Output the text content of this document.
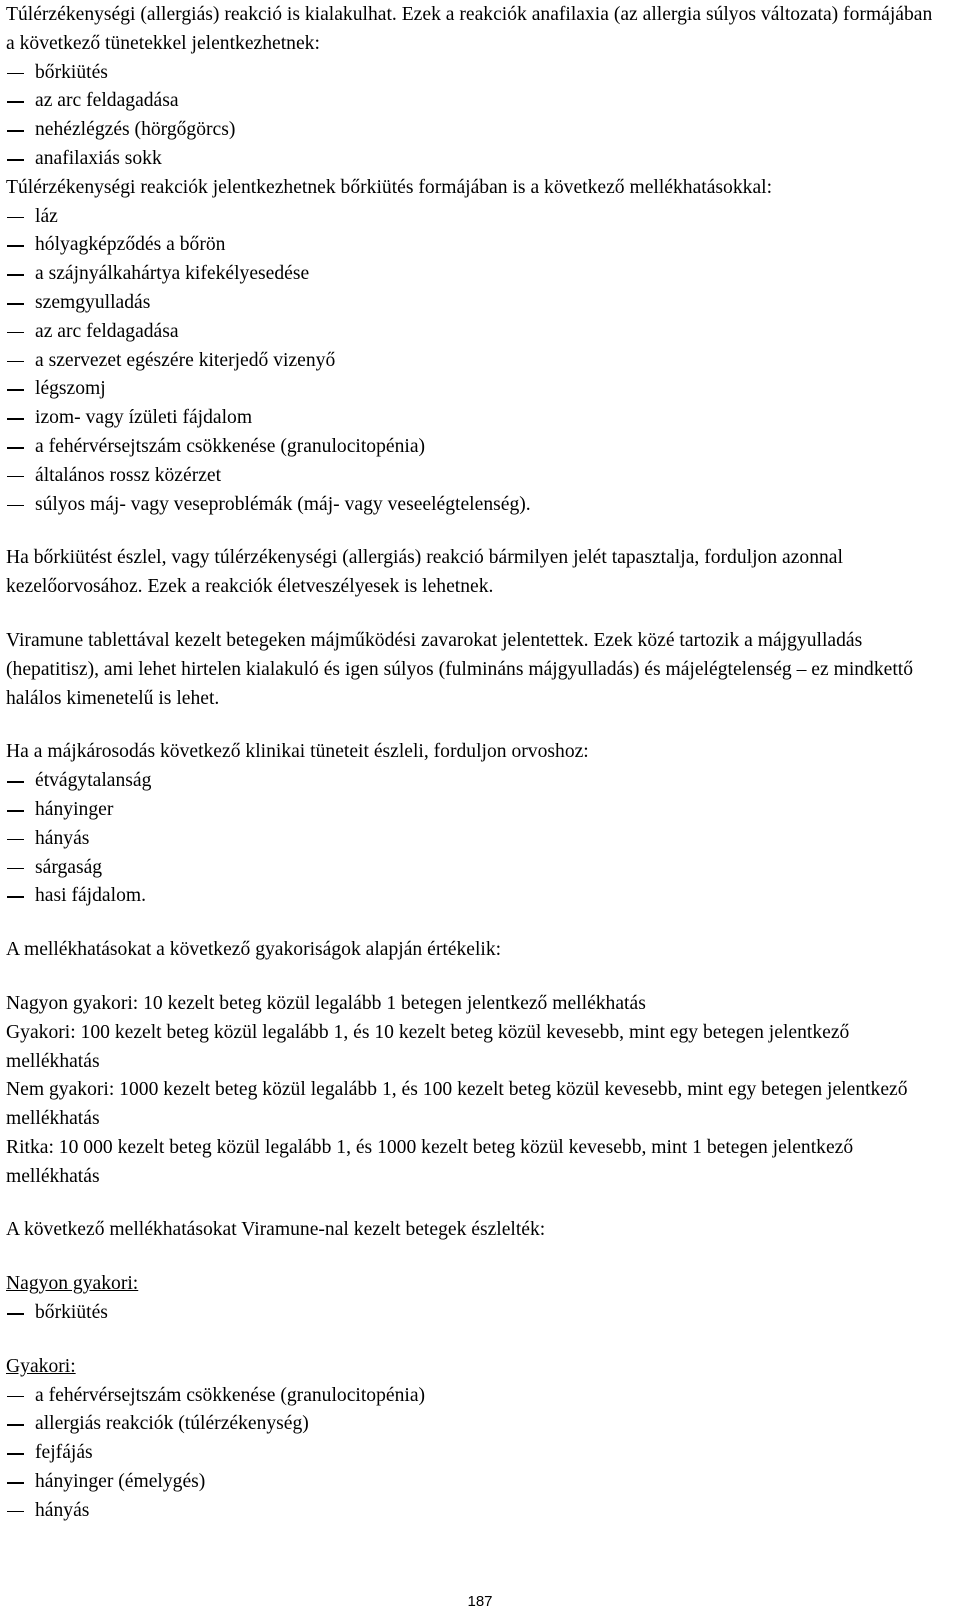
Túlérzékenységi (allergiás) reakció is kialakulhat. Ezek a reakciók anafilaxia (az allergia súlyos változata) formájában a következő tünetekkel jelentkezhetnek:

bőrkiütés
az arc feldagadása
nehézlégzés (hörgőgörcs)
anafilaxiás sokk

Túlérzékenységi reakciók jelentkezhetnek bőrkiütés formájában is a következő mellékhatásokkal:

láz
hólyagképződés a bőrön
a szájnyálkahártya kifekélyesedése
szemgyulladás
az arc feldagadása
a szervezet egészére kiterjedő vizenyő
légszomj
izom- vagy ízületi fájdalom
a fehérvérsejtszám csökkenése (granulocitopénia)
általános rossz közérzet
súlyos máj- vagy veseproblémák (máj- vagy veseelégtelenség).

Ha bőrkiütést észlel, vagy túlérzékenységi (allergiás) reakció bármilyen jelét tapasztalja, forduljon azonnal kezelőorvosához. Ezek a reakciók életveszélyesek is lehetnek.

Viramune tablettával kezelt betegeken májműködési zavarokat jelentettek. Ezek közé tartozik a májgyulladás (hepatitisz), ami lehet hirtelen kialakuló és igen súlyos (fulmináns májgyulladás) és májelégtelenség – ez mindkettő halálos kimenetelű is lehet.

Ha a májkárosodás következő klinikai tüneteit észleli, forduljon orvoshoz:

étvágytalanság
hányinger
hányás
sárgaság
hasi fájdalom.

A mellékhatásokat a következő gyakoriságok alapján értékelik:

Nagyon gyakori: 10 kezelt beteg közül legalább 1 betegen jelentkező mellékhatás

Gyakori: 100 kezelt beteg közül legalább 1, és 10 kezelt beteg közül kevesebb, mint egy betegen jelentkező mellékhatás

Nem gyakori: 1000 kezelt beteg közül legalább 1, és 100 kezelt beteg közül kevesebb, mint egy betegen jelentkező mellékhatás

Ritka: 10 000 kezelt beteg közül legalább 1, és 1000 kezelt beteg közül kevesebb, mint 1 betegen jelentkező mellékhatás

A következő mellékhatásokat Viramune-nal kezelt betegek észlelték:

Nagyon gyakori:

bőrkiütés

Gyakori:

a fehérvérsejtszám csökkenése (granulocitopénia)
allergiás reakciók (túlérzékenység)
fejfájás
hányinger (émelygés)
hányás
187
